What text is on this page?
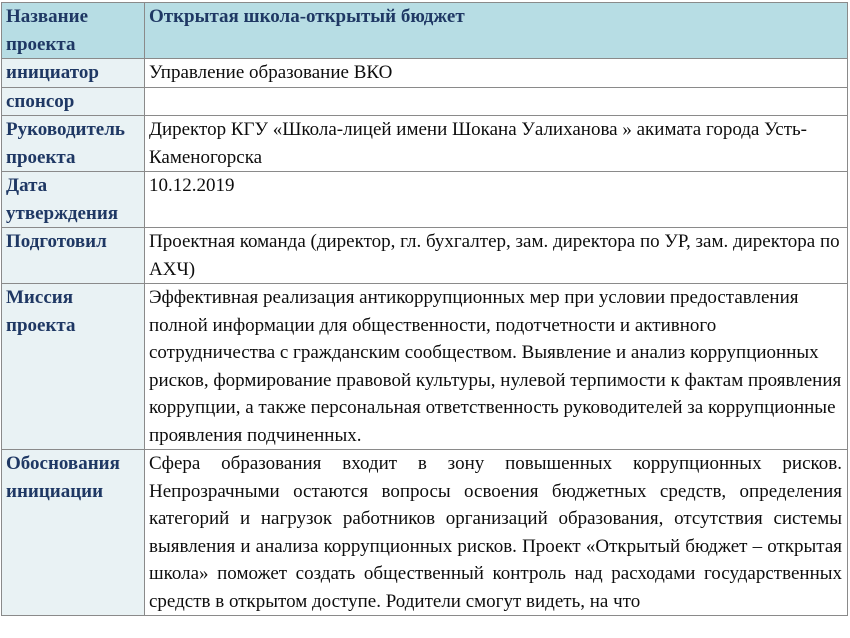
Название проекта	Открытая школа-открытый бюджет
инициатор	Управление образование ВКО
спонсор	
Руководитель проекта	Директор КГУ «Школа-лицей имени Шокана Уалиханова » акимата города Усть-Каменогорска
Дата утверждения	10.12.2019
Подготовил	Проектная команда (директор, гл. бухгалтер, зам. директора по УР, зам. директора по АХЧ)
Миссия проекта	Эффективная реализация антикоррупционных мер при условии предоставления полной информации для общественности, подотчетности и активного сотрудничества с гражданским сообществом. Выявление и анализ коррупционных рисков, формирование правовой культуры, нулевой терпимости к фактам проявления коррупции, а также персональная ответственность руководителей за коррупционные проявления подчиненных.
Обоснования инициации	Сфера образования входит в зону повышенных коррупционных рисков. Непрозрачными остаются вопросы освоения бюджетных средств, определения категорий и нагрузок работников организаций образования, отсутствия системы выявления и анализа коррупционных рисков. Проект «Открытый бюджет – открытая школа» поможет создать общественный контроль над расходами государственных средств в открытом доступе. Родители смогут видеть, на что
